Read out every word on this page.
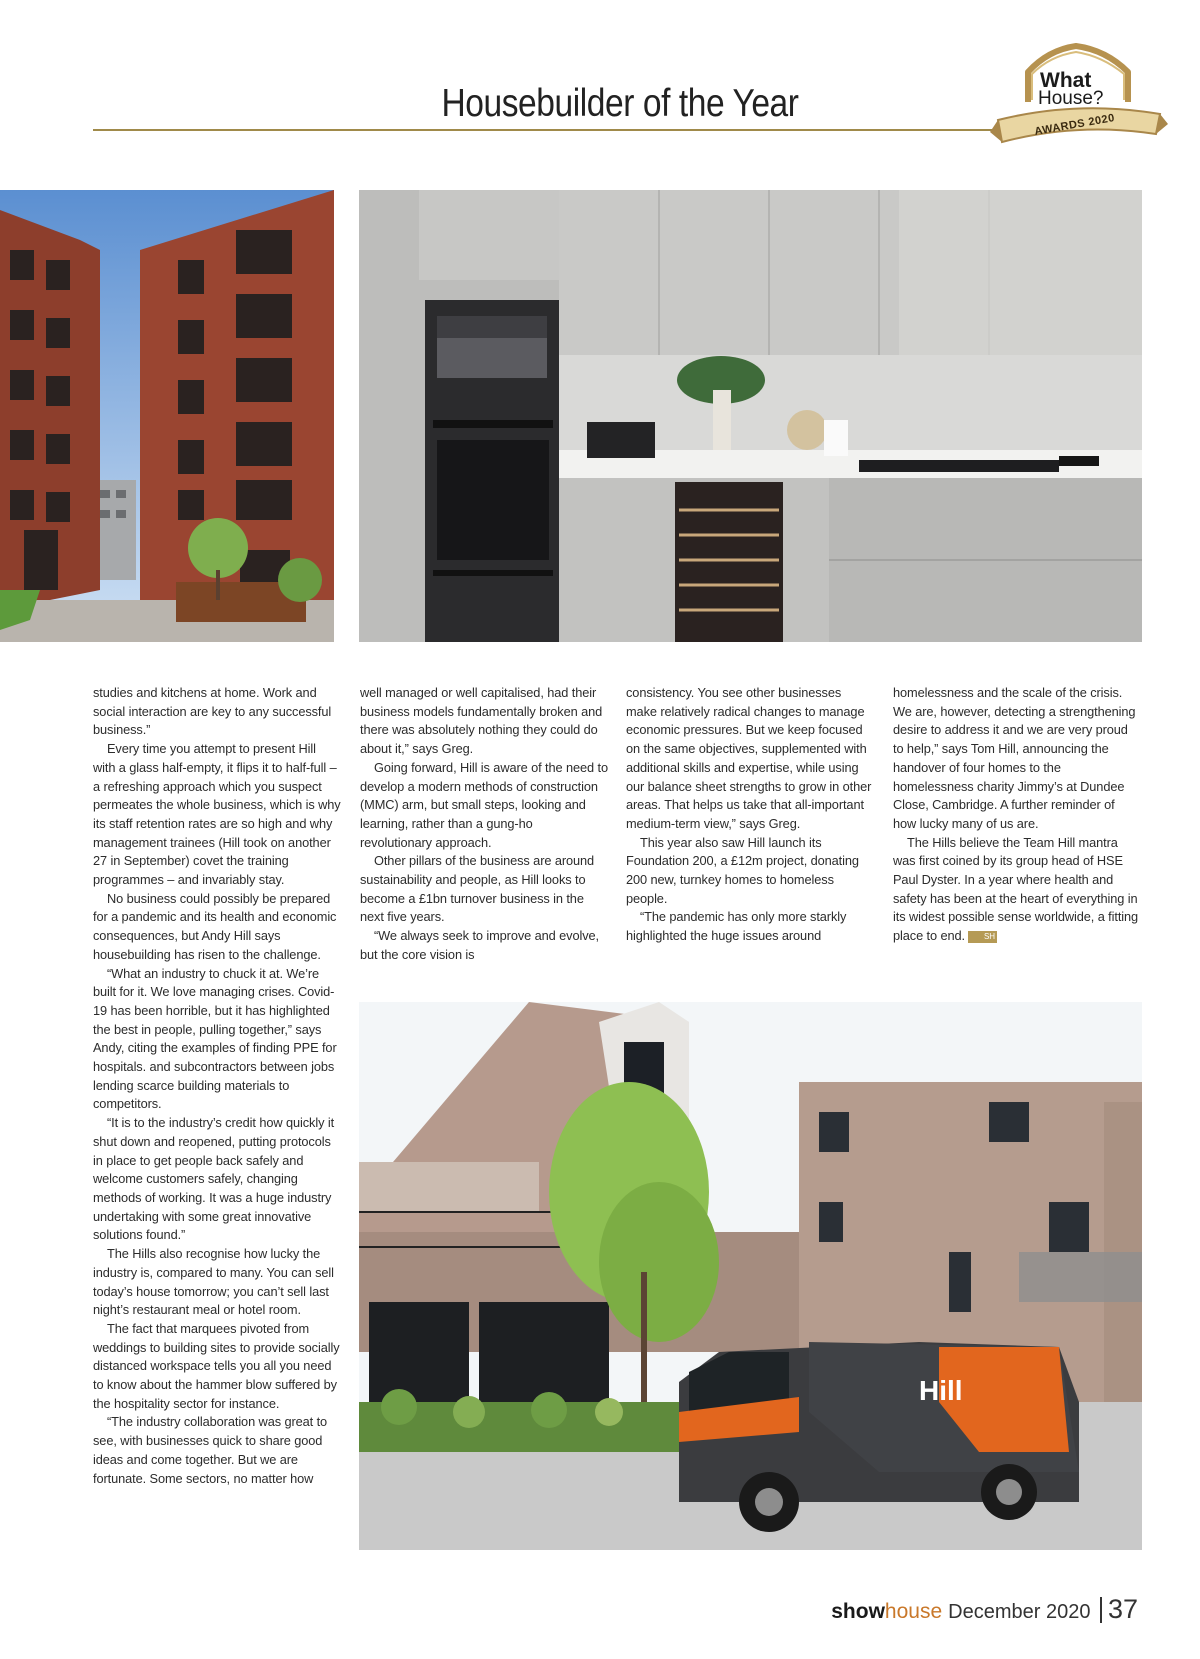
Housebuilder of the Year
What
House?
AWARDS 2020

studies and kitchens at home. Work and social interaction are key to any successful business.”

Every time you attempt to present Hill with a glass half-empty, it flips it to half-full – a refreshing approach which you suspect permeates the whole business, which is why its staff retention rates are so high and why management trainees (Hill took on another 27 in September) covet the training programmes – and invariably stay.

No business could possibly be prepared for a pandemic and its health and economic consequences, but Andy Hill says housebuilding has risen to the challenge.

“What an industry to chuck it at. We’re built for it. We love managing crises. Covid-19 has been horrible, but it has highlighted the best in people, pulling together,” says Andy, citing the examples of finding PPE for hospitals. and subcontractors between jobs lending scarce building materials to competitors.

“It is to the industry’s credit how quickly it shut down and reopened, putting protocols in place to get people back safely and welcome customers safely, changing methods of working. It was a huge industry undertaking with some great innovative solutions found.”

The Hills also recognise how lucky the industry is, compared to many. You can sell today’s house tomorrow; you can’t sell last night’s restaurant meal or hotel room.

The fact that marquees pivoted from weddings to building sites to provide socially distanced workspace tells you all you need to know about the hammer blow suffered by the hospitality sector for instance.

“The industry collaboration was great to see, with businesses quick to share good ideas and come together. But we are fortunate. Some sectors, no matter how

well managed or well capitalised, had their business models fundamentally broken and there was absolutely nothing they could do about it,” says Greg.

Going forward, Hill is aware of the need to develop a modern methods of construction (MMC) arm, but small steps, looking and learning, rather than a gung-ho revolutionary approach.

Other pillars of the business are around sustainability and people, as Hill looks to become a £1bn turnover business in the next five years.

“We always seek to improve and evolve, but the core vision is

consistency. You see other businesses make relatively radical changes to manage economic pressures. But we keep focused on the same objectives, supplemented with additional skills and expertise, while using our balance sheet strengths to grow in other areas. That helps us take that all-important medium-term view,” says Greg.

This year also saw Hill launch its Foundation 200, a £12m project, donating 200 new, turnkey homes to homeless people.

“The pandemic has only more starkly highlighted the huge issues around

homelessness and the scale of the crisis. We are, however, detecting a strengthening desire to address it and we are very proud to help,” says Tom Hill, announcing the handover of four homes to the homelessness charity Jimmy’s at Dundee Close, Cambridge. A further reminder of how lucky many of us are.

The Hills believe the Team Hill mantra was first coined by its group head of HSE Paul Dyster. In a year where health and safety has been at the heart of everything in its widest possible sense worldwide, a fitting place to end. SH

Hill
show house December 2020 37
